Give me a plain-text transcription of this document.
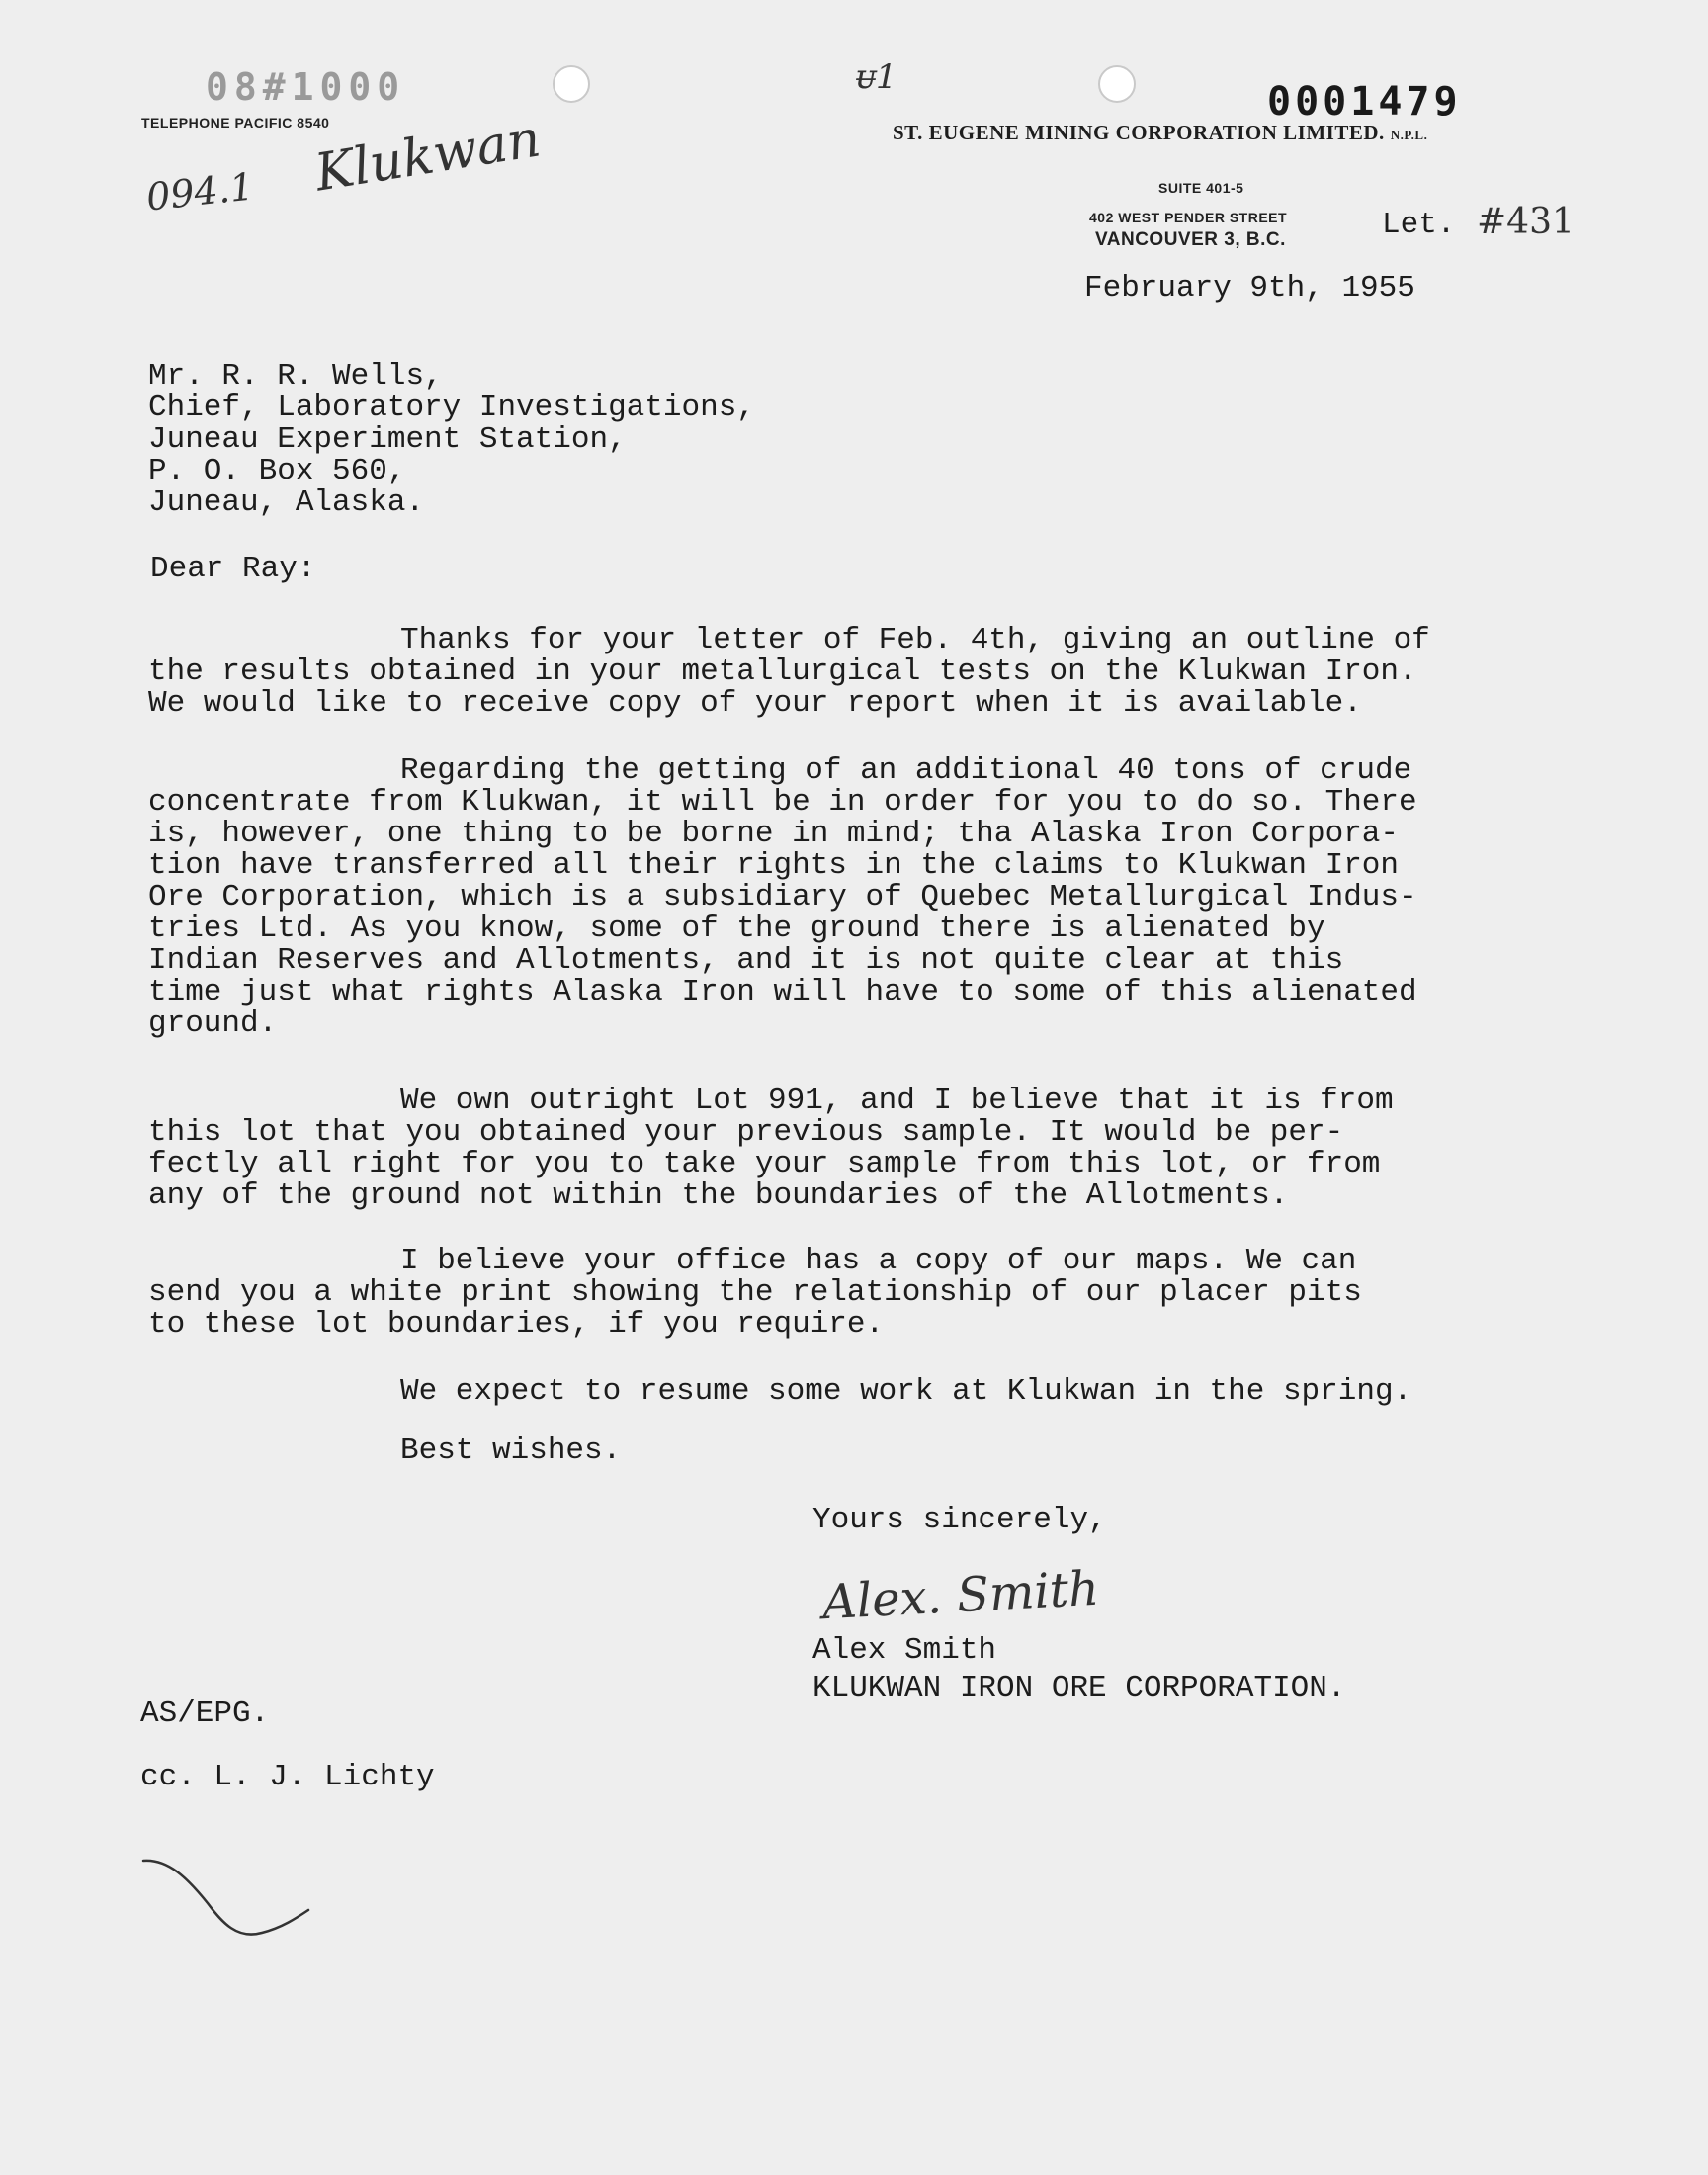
08#1000
TELEPHONE PACIFIC 8540
094.1 Klukwan
ᵾ1
0001479
ST. EUGENE MINING CORPORATION LIMITED. N.P.L.
SUITE 401-5
402 WEST PENDER STREET
VANCOUVER 3, B.C.	Let. #431
February 9th, 1955
Mr. R. R. Wells,
Chief, Laboratory Investigations,
Juneau Experiment Station,
P. O. Box 560,
Juneau, Alaska.
Dear Ray:
Thanks for your letter of Feb. 4th, giving an outline of
the results obtained in your metallurgical tests on the Klukwan Iron.
We would like to receive copy of your report when it is available.
Regarding the getting of an additional 40 tons of crude
concentrate from Klukwan, it will be in order for you to do so. There
is, however, one thing to be borne in mind; tha Alaska Iron Corpora-
tion have transferred all their rights in the claims to Klukwan Iron
Ore Corporation, which is a subsidiary of Quebec Metallurgical Indus-
tries Ltd. As you know, some of the ground there is alienated by
Indian Reserves and Allotments, and it is not quite clear at this
time just what rights Alaska Iron will have to some of this alienated
ground.
We own outright Lot 991, and I believe that it is from
this lot that you obtained your previous sample. It would be per-
fectly all right for you to take your sample from this lot, or from
any of the ground not within the boundaries of the Allotments.
I believe your office has a copy of our maps. We can
send you a white print showing the relationship of our placer pits
to these lot boundaries, if you require.
We expect to resume some work at Klukwan in the spring.
Best wishes.
Yours sincerely,
Alex. Smith
Alex Smith
KLUKWAN IRON ORE CORPORATION.
AS/EPG.
cc. L. J. Lichty
